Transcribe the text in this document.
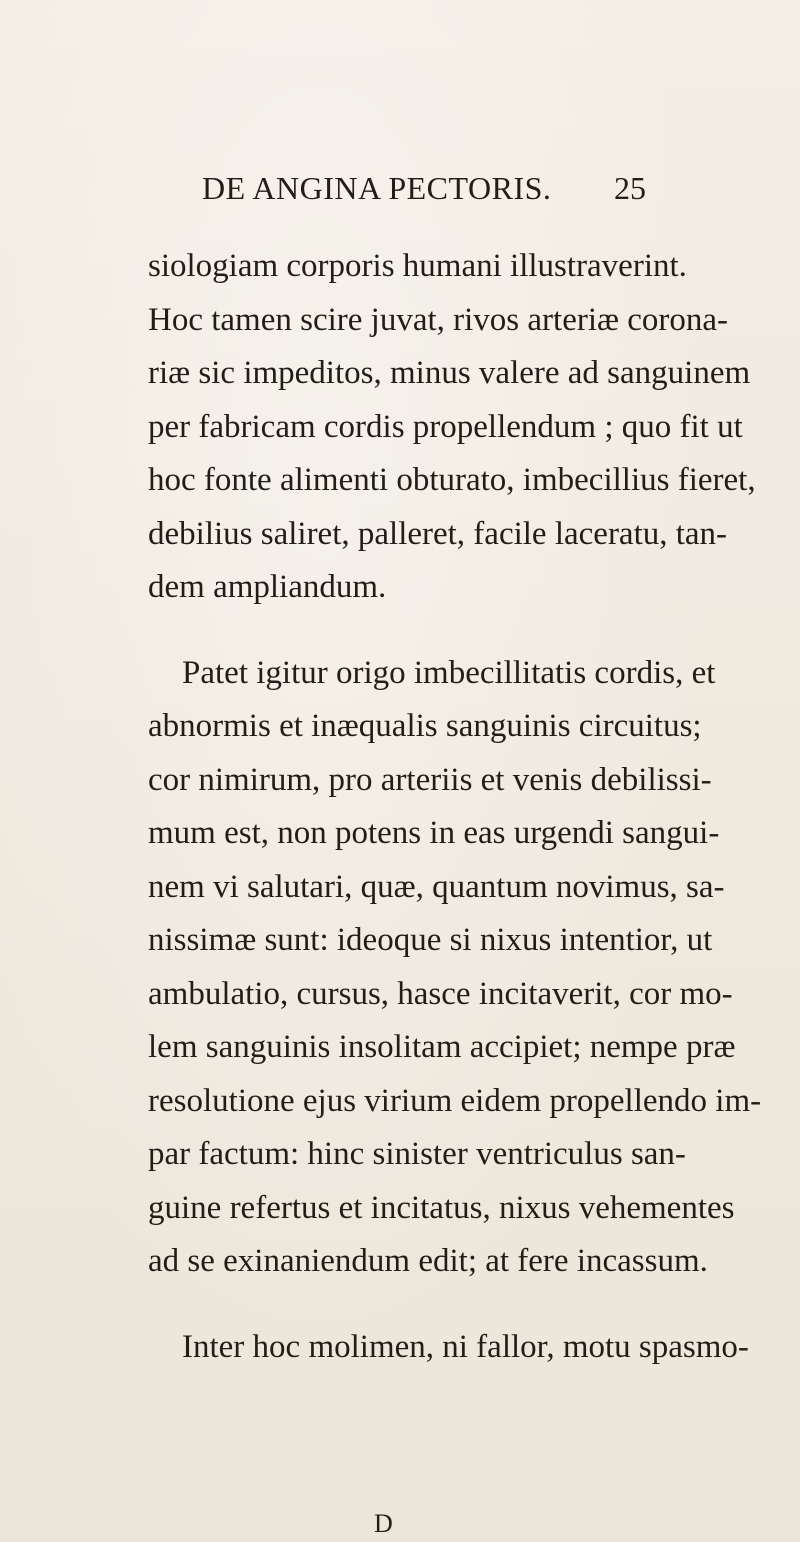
DE ANGINA PECTORIS. 25
siologiam corporis humani illustraverint.
Hoc tamen scire juvat, rivos arteriæ corona-
riæ sic impeditos, minus valere ad sanguinem
per fabricam cordis propellendum ; quo fit ut
hoc fonte alimenti obturato, imbecillius fieret,
debilius saliret, palleret, facile laceratu, tan-
dem ampliandum.
Patet igitur origo imbecillitatis cordis, et
abnormis et inæqualis sanguinis circuitus;
cor nimirum, pro arteriis et venis debilissi-
mum est, non potens in eas urgendi sangui-
nem vi salutari, quæ, quantum novimus, sa-
nissimæ sunt: ideoque si nixus intentior, ut
ambulatio, cursus, hasce incitaverit, cor mo-
lem sanguinis insolitam accipiet; nempe præ
resolutione ejus virium eidem propellendo im-
par factum: hinc sinister ventriculus san-
guine refertus et incitatus, nixus vehementes
ad se exinaniendum edit; at fere incassum.
Inter hoc molimen, ni fallor, motu spasmo-
D
